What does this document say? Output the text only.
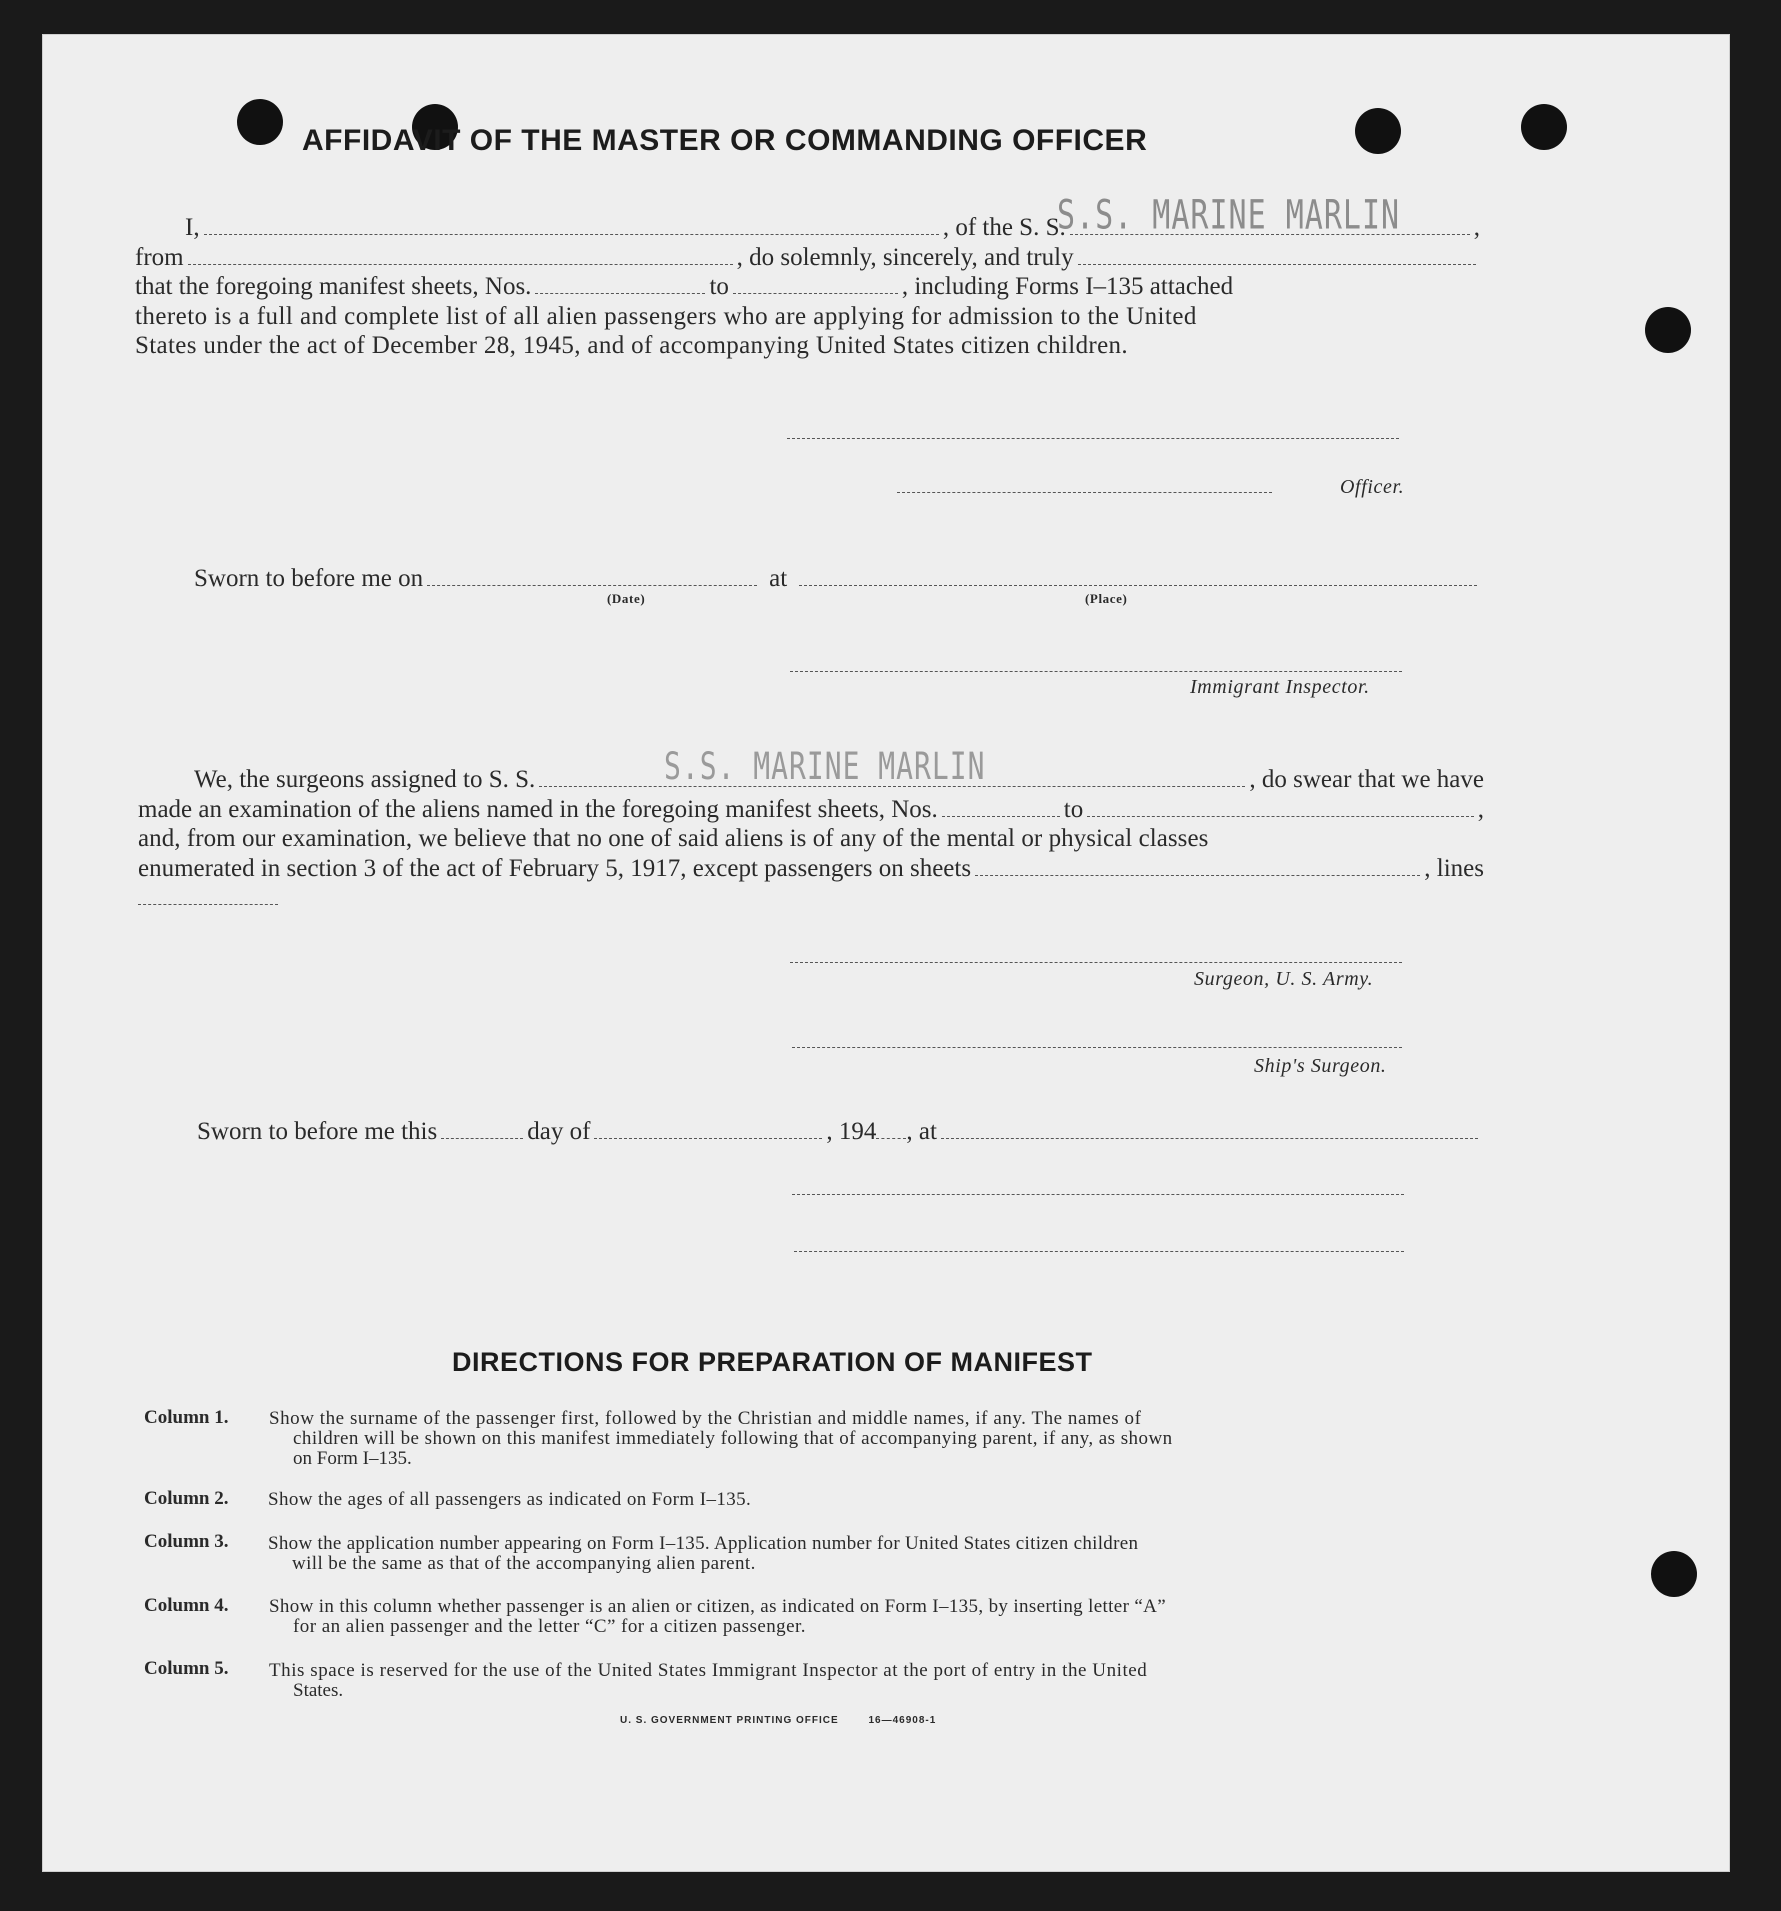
AFFIDAVIT OF THE MASTER OR COMMANDING OFFICER
I,	, of the S. S.	,
from	, do solemnly, sincerely, and truly
that the foregoing manifest sheets, Nos.	to	, including Forms I–135 attached
thereto is a full and complete list of all alien passengers who are applying for admission to the United
States under the act of December 28, 1945, and of accompanying United States citizen children.
S.S. MARINE MARLIN
Officer.
Sworn to before me on	at
(Date)	(Place)
Immigrant Inspector.
We, the surgeons assigned to S. S.	, do swear that we have
made an examination of the aliens named in the foregoing manifest sheets, Nos.	to	,
and, from our examination, we believe that no one of said aliens is of any of the mental or physical classes
enumerated in section 3 of the act of February 5, 1917, except passengers on sheets	, lines
S.S. MARINE MARLIN
Surgeon, U. S. Army.
Ship's Surgeon.
Sworn to before me this	day of	, 194 , at
DIRECTIONS FOR PREPARATION OF MANIFEST
Column 1. Show the surname of the passenger first, followed by the Christian and middle names, if any. The names of
children will be shown on this manifest immediately following that of accompanying parent, if any, as shown
on Form I–135.
Column 2. Show the ages of all passengers as indicated on Form I–135.
Column 3. Show the application number appearing on Form I–135. Application number for United States citizen children
will be the same as that of the accompanying alien parent.
Column 4. Show in this column whether passenger is an alien or citizen, as indicated on Form I–135, by inserting letter “A”
for an alien passenger and the letter “C” for a citizen passenger.
Column 5. This space is reserved for the use of the United States Immigrant Inspector at the port of entry in the United
States.
U. S. GOVERNMENT PRINTING OFFICE	16—46908-1
